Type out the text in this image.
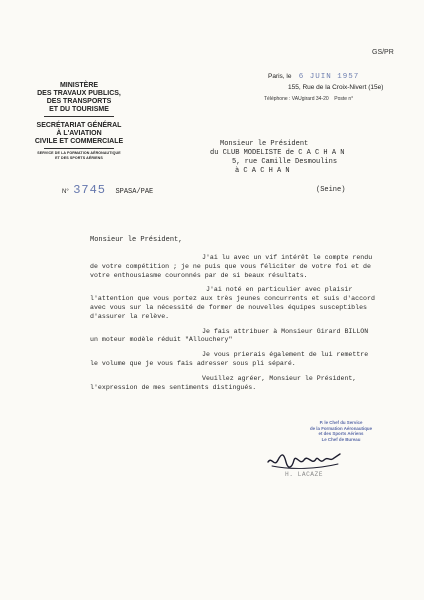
GS/PR
MINISTÈRE
DES TRAVAUX PUBLICS,
DES TRANSPORTS
ET DU TOURISME
SECRÉTARIAT GÉNÉRAL
À L'AVIATION
CIVILE ET COMMERCIALE
SERVICE DE LA FORMATION AÉRONAUTIQUE
ET DES SPORTS AÉRIENS
Paris, le 6 JUIN 1957
155, Rue de la Croix-Nivert (15e)
Téléphone : VAUgirard 34-20 Poste n°
Monsieur le Président
du CLUB MODELISTE de C A C H A N
5, rue Camille Desmoulins
à C A C H A N
N° 3745 SPASA/PAE	(Seine)
Monsieur le Président,

J'ai lu avec un vif intérêt le compte rendu de votre compétition ; je ne puis que vous féliciter de votre foi et de votre enthousiasme couronnés par de si beaux résultats.

J'ai noté en particulier avec plaisir l'attention que vous portez aux très jeunes concurrents et suis d'accord avec vous sur la nécessité de former de nouvelles équipes susceptibles d'assurer la relève.

Je fais attribuer à Monsieur Girard BILLON un moteur modèle réduit "Allouchery"

Je vous prierais également de lui remettre le volume que je vous fais adresser sous pli séparé.

Veuillez agréer, Monsieur le Président, l'expression de mes sentiments distingués.

P. le Chef du Service
de la Formation Aéronautique
et des Sports Aériens
Le Chef de Bureau
H. LACAZE
